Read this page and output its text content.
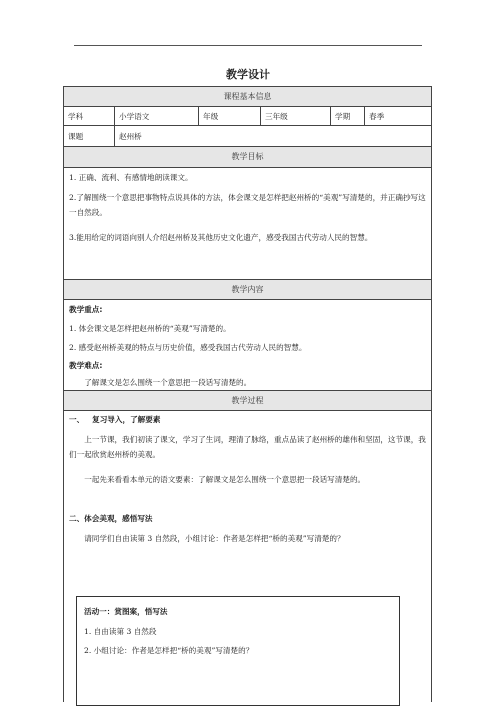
教学设计
课程基本信息
学科	小学语文	年级	三年级	学期	春季
课题	赵州桥
教学目标
1. 正确、流利、有感情地朗读课文。
2.了解围绕一个意思把事物特点说具体的方法，体会课文是怎样把赵州桥的“美观”写清楚的，并正确抄写这一自然段。
3.能用给定的词语向别人介绍赵州桥及其他历史文化遗产，感受我国古代劳动人民的智慧。
教学内容
教学重点:
1. 体会课文是怎样把赵州桥的“美观”写清楚的。
2. 感受赵州桥美观的特点与历史价值，感受我国古代劳动人民的智慧。
教学难点:
了解课文是怎么围绕一个意思把一段话写清楚的。
教学过程
一、   复习导入，了解要素
上一节课，我们初读了课文，学习了生词，理清了脉络，重点品读了赵州桥的雄伟和坚固，这节课，我们一起欣赏赵州桥的美观。
一起先来看看本单元的语文要素：了解课文是怎么围绕一个意思把一段话写清楚的。
二、体会美观，感悟写法
请同学们自由读第 3 自然段，小组讨论：作者是怎样把“桥的美观”写清楚的？
活动一：赏图案，悟写法
1. 自由读第 3 自然段
2. 小组讨论：作者是怎样把“桥的美观”写清楚的？
